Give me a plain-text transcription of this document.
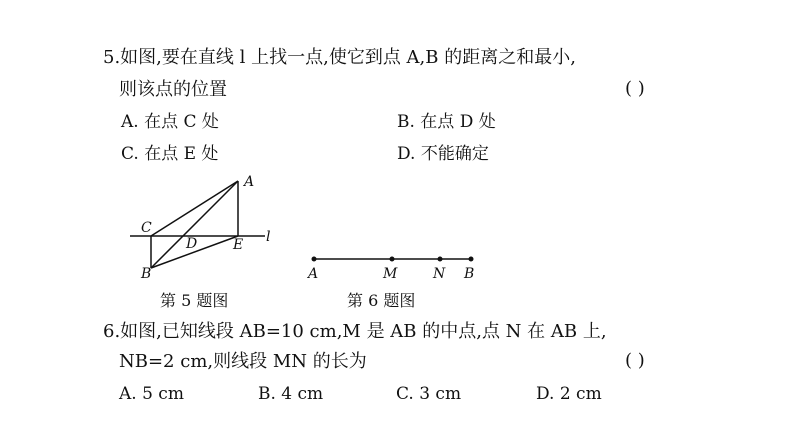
5.如图,要在直线 l 上找一点,使它到点 A,B 的距离之和最小,
则该点的位置	( )
A. 在点 C 处	B. 在点 D 处
C. 在点 E 处	D. 不能确定
A
B
C
D	E l
A	M	N B
第 5 题图	第 6 题图
6.如图,已知线段 AB=10 cm,M 是 AB 的中点,点 N 在 AB 上,
NB=2 cm,则线段 MN 的长为	( )
A. 5 cm	B. 4 cm	C. 3 cm	D. 2 cm
